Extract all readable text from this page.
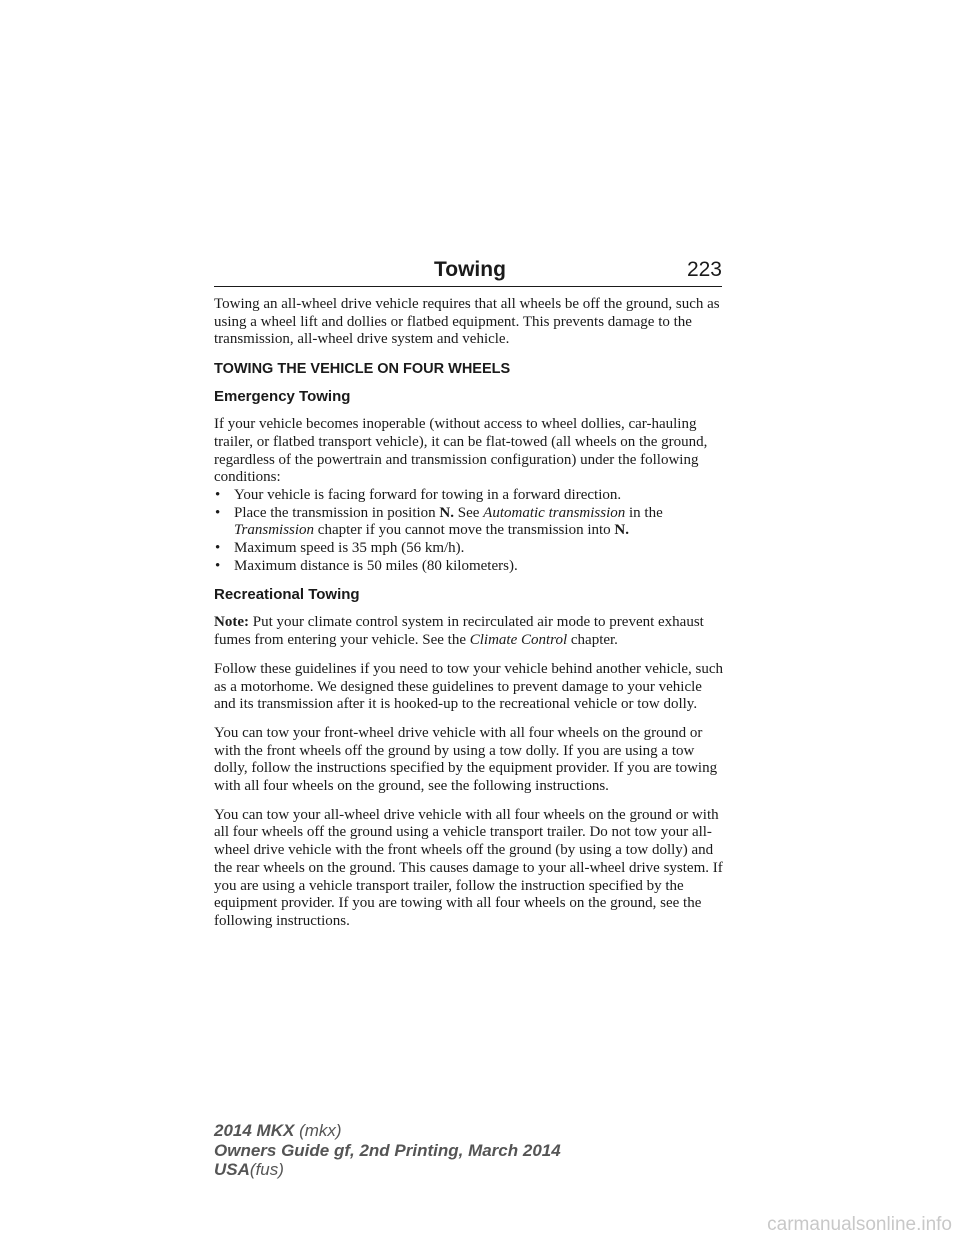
Towing	223

Towing an all-wheel drive vehicle requires that all wheels be off the ground, such as using a wheel lift and dollies or flatbed equipment. This prevents damage to the transmission, all-wheel drive system and vehicle.

TOWING THE VEHICLE ON FOUR WHEELS
Emergency Towing

If your vehicle becomes inoperable (without access to wheel dollies, car-hauling trailer, or flatbed transport vehicle), it can be flat-towed (all wheels on the ground, regardless of the powertrain and transmission configuration) under the following conditions:

• Your vehicle is facing forward for towing in a forward direction.
• Place the transmission in position N. See Automatic transmission in the Transmission chapter if you cannot move the transmission into N.
• Maximum speed is 35 mph (56 km/h).
• Maximum distance is 50 miles (80 kilometers).
Recreational Towing

Note: Put your climate control system in recirculated air mode to prevent exhaust fumes from entering your vehicle. See the Climate Control chapter.

Follow these guidelines if you need to tow your vehicle behind another vehicle, such as a motorhome. We designed these guidelines to prevent damage to your vehicle and its transmission after it is hooked-up to the recreational vehicle or tow dolly.

You can tow your front-wheel drive vehicle with all four wheels on the ground or with the front wheels off the ground by using a tow dolly. If you are using a tow dolly, follow the instructions specified by the equipment provider. If you are towing with all four wheels on the ground, see the following instructions.

You can tow your all-wheel drive vehicle with all four wheels on the ground or with all four wheels off the ground using a vehicle transport trailer. Do not tow your all-wheel drive vehicle with the front wheels off the ground (by using a tow dolly) and the rear wheels on the ground. This causes damage to your all-wheel drive system. If you are using a vehicle transport trailer, follow the instruction specified by the equipment provider. If you are towing with all four wheels on the ground, see the following instructions.

2014 MKX (mkx)
Owners Guide gf, 2nd Printing, March 2014
USA(fus)
carmanualsonline.info
